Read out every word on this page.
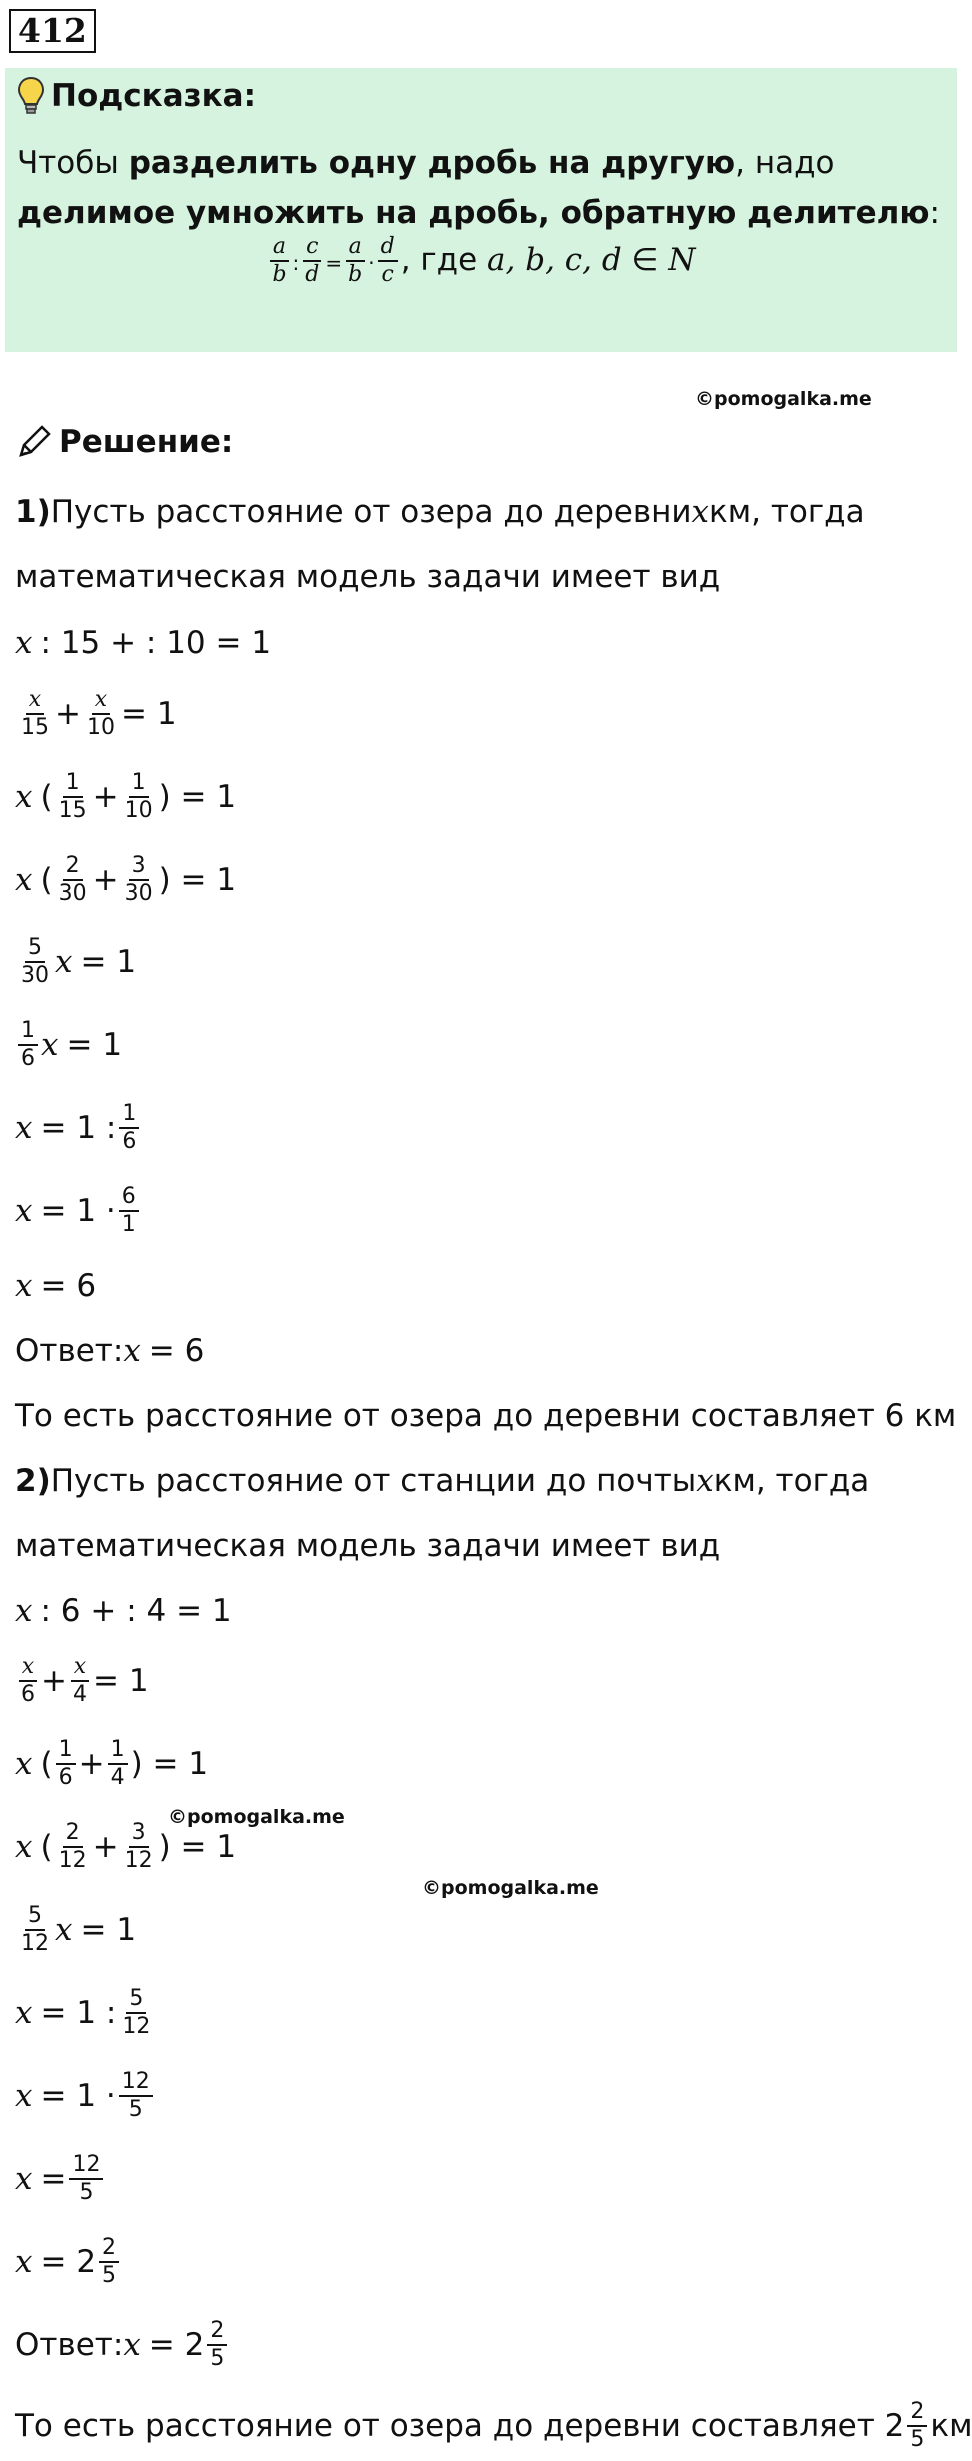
412
Подсказка:
Чтобы разделить одну дробь на другую, надо делимое умножить на дробь, обратную делителю:
$\frac{a}{b}$ : $\frac{c}{d} = \frac{a}{b} \cdot \frac{d}{c}$ , где a, b, c, d ∈ N
©pomogalka.me
Решение:
1) Пусть расстояние от озера до деревни x км, тогда
математическая модель задачи имеет вид
x : 15 + : 10 = 1
$\frac{x}{15} + \frac{x}{10} = 1$
x ( $\frac{1}{15} + \frac{1}{10}$ ) = 1
x ( $\frac{2}{30} + \frac{3}{30}$ ) = 1
$\frac{5}{30}$ x = 1
$\frac{1}{6}$ x = 1
x = 1 : $\frac{1}{6}$
$x = 1 \cdot \frac{6}{1}$
x = 6
Ответ: x = 6
То есть расстояние от озера до деревни составляет 6 км
2) Пусть расстояние от станции до почты x км, тогда
математическая модель задачи имеет вид
x : 6 + : 4 = 1
$\frac{x}{6} + \frac{x}{4} = 1$
x ( $\frac{1}{6} + \frac{1}{4}$ ) = 1
©pomogalka.me
x ( $\frac{2}{12} + \frac{3}{12}$ ) = 1
©pomogalka.me
$\frac{5}{12}$ x = 1
x = 1 : $\frac{5}{12}$
$x = 1 \cdot \frac{12}{5}$
$x = \frac{12}{5}$
$x = 2 \frac{2}{5}$
Ответ: $x = 2 \frac{2}{5}$
То есть расстояние от озера до деревни составляет $2 \frac{2}{5}$ км
